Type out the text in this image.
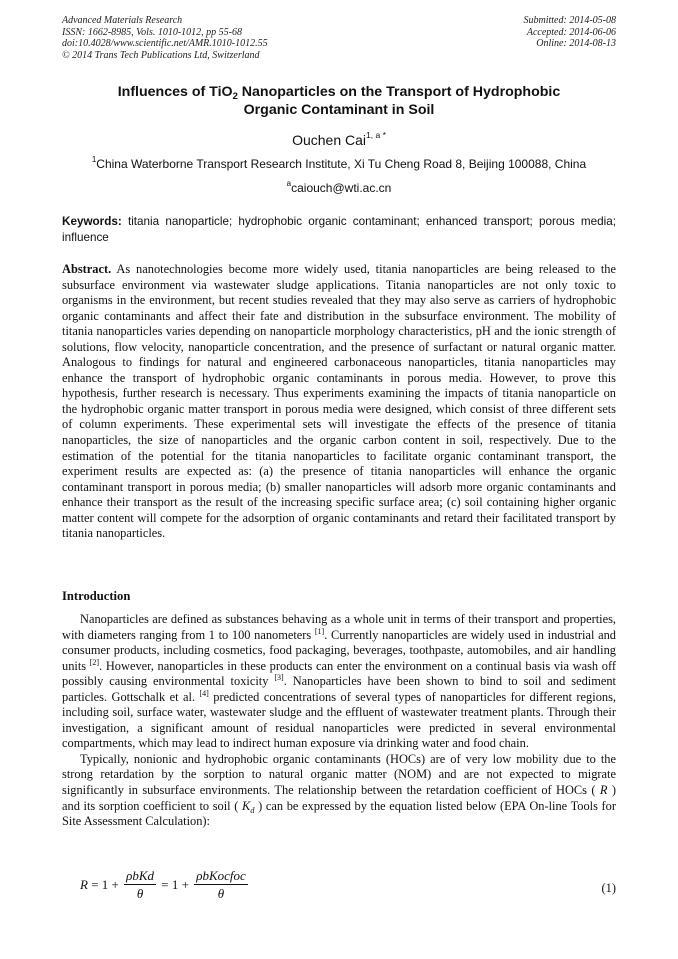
Advanced Materials Research
ISSN: 1662-8985, Vols. 1010-1012, pp 55-68
doi:10.4028/www.scientific.net/AMR.1010-1012.55
© 2014 Trans Tech Publications Ltd, Switzerland
Submitted: 2014-05-08
Accepted: 2014-06-06
Online: 2014-08-13
Influences of TiO$_2$ Nanoparticles on the Transport of Hydrophobic
Organic Contaminant in Soil
Ouchen Cai$^{1, a *}$
$^1$China Waterborne Transport Research Institute, Xi Tu Cheng Road 8, Beijing 100088, China
$^a$caiouch@wti.ac.cn
Keywords: titania nanoparticle; hydrophobic organic contaminant; enhanced transport; porous media; influence
Abstract. As nanotechnologies become more widely used, titania nanoparticles are being released to the subsurface environment via wastewater sludge applications. Titania nanoparticles are not only toxic to organisms in the environment, but recent studies revealed that they may also serve as carriers of hydrophobic organic contaminants and affect their fate and distribution in the subsurface environment. The mobility of titania nanoparticles varies depending on nanoparticle morphology characteristics, pH and the ionic strength of solutions, flow velocity, nanoparticle concentration, and the presence of surfactant or natural organic matter. Analogous to findings for natural and engineered carbonaceous nanoparticles, titania nanoparticles may enhance the transport of hydrophobic organic contaminants in porous media. However, to prove this hypothesis, further research is necessary. Thus experiments examining the impacts of titania nanoparticle on the hydrophobic organic matter transport in porous media were designed, which consist of three different sets of column experiments. These experimental sets will investigate the effects of the presence of titania nanoparticles, the size of nanoparticles and the organic carbon content in soil, respectively. Due to the estimation of the potential for the titania nanoparticles to facilitate organic contaminant transport, the experiment results are expected as: (a) the presence of titania nanoparticles will enhance the organic contaminant transport in porous media; (b) smaller nanoparticles will adsorb more organic contaminants and enhance their transport as the result of the increasing specific surface area; (c) soil containing higher organic matter content will compete for the adsorption of organic contaminants and retard their facilitated transport by titania nanoparticles.
Introduction

Nanoparticles are defined as substances behaving as a whole unit in terms of their transport and properties, with diameters ranging from 1 to 100 nanometers [1]. Currently nanoparticles are widely used in industrial and consumer products, including cosmetics, food packaging, beverages, toothpaste, automobiles, and air handling units [2]. However, nanoparticles in these products can enter the environment on a continual basis via wash off possibly causing environmental toxicity [3]. Nanoparticles have been shown to bind to soil and sediment particles. Gottschalk et al. [4] predicted concentrations of several types of nanoparticles for different regions, including soil, surface water, wastewater sludge and the effluent of wastewater treatment plants. Through their investigation, a significant amount of residual nanoparticles were predicted in several environmental compartments, which may lead to indirect human exposure via drinking water and food chain.

Typically, nonionic and hydrophobic organic contaminants (HOCs) are of very low mobility due to the strong retardation by the sorption to natural organic matter (NOM) and are not expected to migrate significantly in subsurface environments. The relationship between the retardation coefficient of HOCs ( R ) and its sorption coefficient to soil ( $K_d$ ) can be expressed by the equation listed below (EPA On-line Tools for Site Assessment Calculation):

$R = 1 + \frac{\text{ρbKd}}{\theta} = 1 + \frac{\text{ρbKocfoc}}{\theta}$	(1)
